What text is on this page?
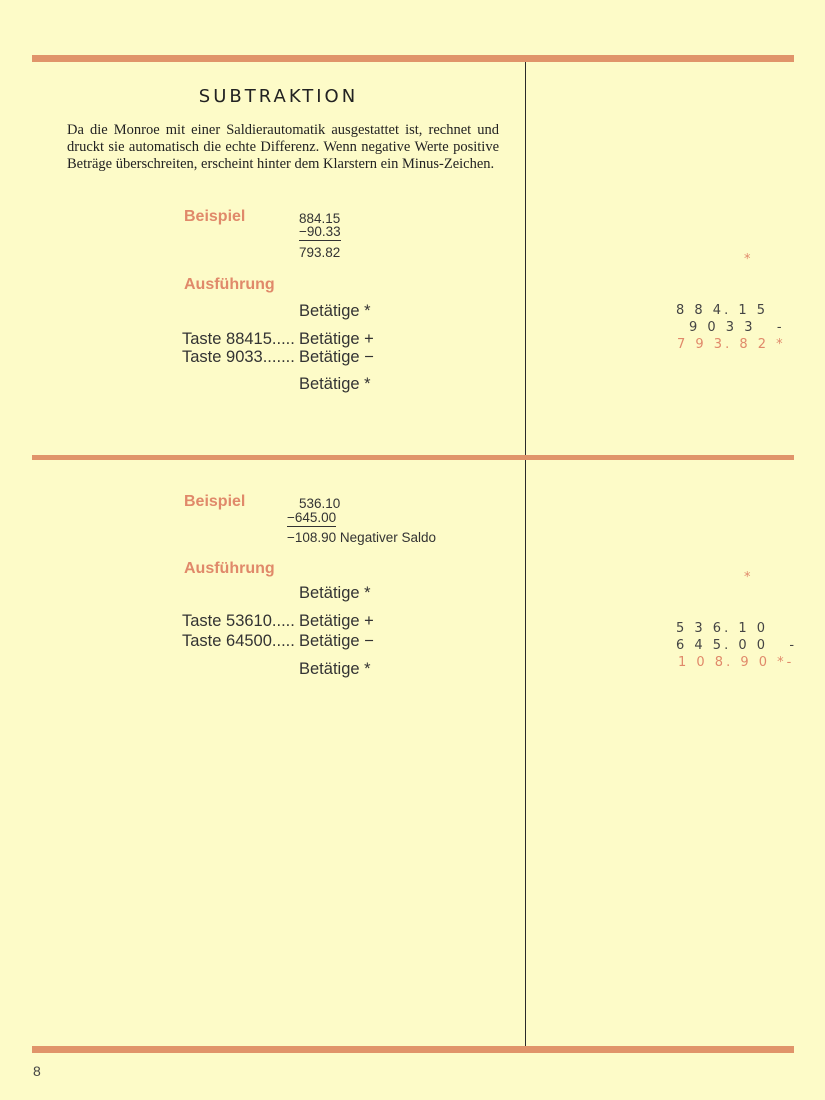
SUBTRAKTION
Da die Monroe mit einer Saldierautomatik ausgestattet ist, rechnet und druckt sie automatisch die echte Differenz. Wenn negative Werte positive Beträge überschreiten, erscheint hinter dem Klarstern ein Minus-Zeichen.
Beispiel	884.15
−90.33
793.82
Ausführung
Betätige *
Taste 88415..... Betätige +
Taste 9033....... Betätige −
Betätige *
*
8 8 4. 1 5
9 0 3 3   -
7 9 3. 8 2 *
Beispiel	536.10
−645.00
−108.90 Negativer Saldo
Ausführung
Betätige *
Taste 53610..... Betätige +
Taste 64500..... Betätige −
Betätige *
*
5 3 6. 1 0
6 4 5. 0 0   -
1 0 8. 9 0 *-
8
